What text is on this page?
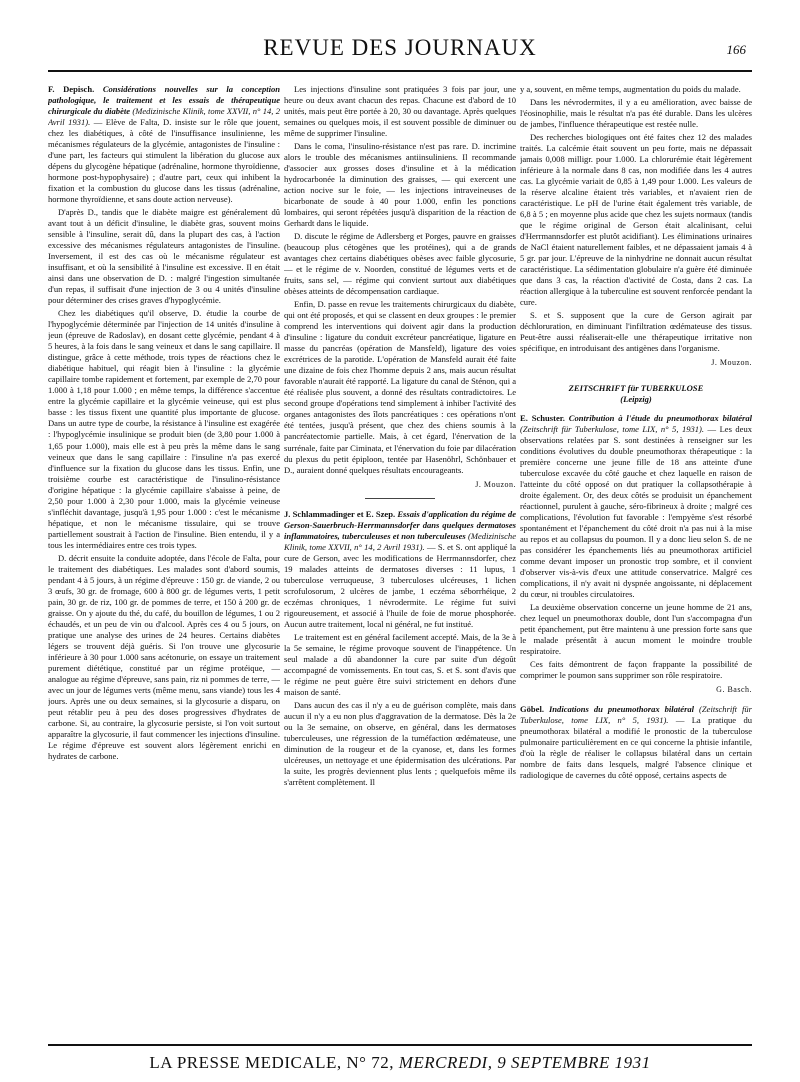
REVUE DES JOURNAUX	166

F. Depisch. Considérations nouvelles sur la conception pathologique, le traitement et les essais de thérapeutique chirurgicale du diabète (Medizinische Klinik, tome XXVII, n° 14, 2 Avril 1931). — Elève de Falta, D. insiste sur le rôle que jouent, chez les diabétiques, à côté de l'insuffisance insulinienne, les mécanismes régulateurs de la glycémie, antagonistes de l'insuline : d'une part, les facteurs qui stimulent la libération du glucose aux dépens du glycogène hépatique (adrénaline, hormone thyroïdienne, hormone post-hypophysaire) ; d'autre part, ceux qui inhibent la fixation et la combustion du glucose dans les tissus (adrénaline, hormone thyroïdienne, et sans doute action nerveuse).

D'après D., tandis que le diabète maigre est généralement dû avant tout à un déficit d'insuline, le diabète gras, souvent moins sensible à l'insuline, serait dû, dans la plupart des cas, à l'action excessive des mécanismes régulateurs antagonistes de l'insuline. Inversement, il est des cas où le mécanisme régulateur est insuffisant, et où la sensibilité à l'insuline est excessive. Il en était ainsi dans une observation de D. : malgré l'ingestion simultanée d'un repas, il suffisait d'une injection de 3 ou 4 unités d'insuline pour déterminer des crises graves d'hypoglycémie.

Chez les diabétiques qu'il observe, D. étudie la courbe de l'hypoglycémie déterminée par l'injection de 14 unités d'insuline à jeun (épreuve de Radoslav), en dosant cette glycémie, pendant 4 à 5 heures, à la fois dans le sang veineux et dans le sang capillaire. Il distingue, grâce à cette méthode, trois types de réactions chez le diabétique habituel, qui réagit bien à l'insuline : la glycémie capillaire tombe rapidement et fortement, par exemple de 2,70 pour 1.000 à 1,18 pour 1.000 ; en même temps, la différence s'accentue entre la glycémie capillaire et la glycémie veineuse, qui est plus basse : les tissus fixent une quantité plus importante de glucose. Dans un autre type de courbe, la résistance à l'insuline est exagérée : l'hypoglycémie insulinique se produit bien (de 3,80 pour 1.000 à 1,65 pour 1.000), mais elle est à peu près la même dans le sang veineux que dans le sang capillaire : l'insuline n'a pas exercé d'influence sur la fixation du glucose dans les tissus. Enfin, une troisième courbe est caractéristique de l'insulino-résistance d'origine hépatique : la glycémie capillaire s'abaisse à peine, de 2,50 pour 1.000 à 2,30 pour 1.000, mais la glycémie veineuse s'infléchit davantage, jusqu'à 1,95 pour 1.000 : c'est le mécanisme hépatique, et non le mécanisme tissulaire, qui se trouve partiellement soustrait à l'action de l'insuline. Bien entendu, il y a tous les intermédiaires entre ces trois types.

D. décrit ensuite la conduite adoptée, dans l'école de Falta, pour le traitement des diabétiques. Les malades sont d'abord soumis, pendant 4 à 5 jours, à un régime d'épreuve : 150 gr. de viande, 2 ou 3 œufs, 30 gr. de fromage, 600 à 800 gr. de légumes verts, 1 petit pain, 30 gr. de riz, 100 gr. de pommes de terre, et 150 à 200 gr. de graisse. On y ajoute du thé, du café, du bouillon de légumes, 1 ou 2 échaudés, et un peu de vin ou d'alcool. Après ces 4 ou 5 jours, on pratique une analyse des urines de 24 heures. Certains diabètes légers se trouvent déjà guéris. Si l'on trouve une glycosurie inférieure à 30 pour 1.000 sans acétonurie, on essaye un traitement purement diététique, constitué par un régime protéique, — analogue au régime d'épreuve, sans pain, riz ni pommes de terre, — avec un jour de légumes verts (même menu, sans viande) tous les 4 jours. Après une ou deux semaines, si la glycosurie a disparu, on peut rétablir peu à peu des doses progressives d'hydrates de carbone. Si, au contraire, la glycosurie persiste, si l'on voit surtout apparaître la glycosurie, il faut commencer les injections d'insuline. Le régime d'épreuve est souvent alors légèrement enrichi en hydrates de carbone.

Les injections d'insuline sont pratiquées 3 fois par jour, une heure ou deux avant chacun des repas. Chacune est d'abord de 10 unités, mais peut être portée à 20, 30 ou davantage. Après quelques semaines ou quelques mois, il est souvent possible de diminuer ou même de supprimer l'insuline.

Dans le coma, l'insulino-résistance n'est pas rare. D. incrimine alors le trouble des mécanismes antiinsuliniens. Il recommande d'associer aux grosses doses d'insuline et à la médication hydrocarbonée la diminution des graisses, — qui exercent une action nocive sur le foie, — les injections intraveineuses de bicarbonate de soude à 40 pour 1.000, enfin les ponctions lombaires, qui seront répétées jusqu'à disparition de la réaction de Gerhardt dans le liquide.

D. discute le régime de Adlersberg et Porges, pauvre en graisses (beaucoup plus cétogènes que les protéines), qui a de grands avantages chez certains diabétiques obèses avec faible glycosurie, — et le régime de v. Noorden, constitué de légumes verts et de fruits, sans sel, — régime qui convient surtout aux diabétiques obèses atteints de décompensation cardiaque.

Enfin, D. passe en revue les traitements chirurgicaux du diabète, qui ont été proposés, et qui se classent en deux groupes : le premier comprend les interventions qui doivent agir dans la production d'insuline : ligature du conduit excréteur pancréatique, ligature en masse du pancréas (opération de Mansfeld), ligature des voies excrétrices de la parotide. L'opération de Mansfeld aurait été faite une dizaine de fois chez l'homme depuis 2 ans, mais aucun résultat favorable n'aurait été rapporté. La ligature du canal de Sténon, qui a été réalisée plus souvent, a donné des résultats contradictoires. Le second groupe d'opérations tend simplement à inhiber l'activité des organes antagonistes des îlots pancréatiques : ces opérations n'ont été tentées, jusqu'à présent, que chez des chiens soumis à la pancréatectomie partielle. Mais, à cet égard, l'énervation de la surrénale, faite par Ciminata, et l'énervation du foie par dilacération du plexus du petit épiploon, tentée par Hasenöhrl, Schönbauer et D., auraient donné quelques résultats encourageants.

J. Mouzon.

J. Schlammadinger et E. Szep. Essais d'application du régime de Gerson-Sauerbruch-Herrmannsdorfer dans quelques dermatoses inflammatoires, tuberculeuses et non tuberculeuses (Medizinische Klinik, tome XXVII, n° 14, 2 Avril 1931). — S. et S. ont appliqué la cure de Gerson, avec les modifications de Herrmannsdorfer, chez 19 malades atteints de dermatoses diverses : 11 lupus, 1 tuberculose verruqueuse, 3 tuberculoses ulcéreuses, 1 lichen scrofulosorum, 2 ulcères de jambe, 1 eczéma séborrhéique, 2 eczémas chroniques, 1 névrodermite. Le régime fut suivi rigoureusement, et associé à l'huile de foie de morue phosphorée. Aucun autre traitement, local ni général, ne fut institué.

Le traitement est en général facilement accepté. Mais, de la 3e à la 5e semaine, le régime provoque souvent de l'inappétence. Un seul malade a dû abandonner la cure par suite d'un dégoût accompagné de vomissements. En tout cas, S. et S. sont d'avis que le régime ne peut guère être suivi strictement en dehors d'une maison de santé.

Dans aucun des cas il n'y a eu de guérison complète, mais dans aucun il n'y a eu non plus d'aggravation de la dermatose. Dès la 2e ou la 3e semaine, on observe, en général, dans les dermatoses tuberculeuses, une régression de la tuméfaction œdémateuse, une diminution de la rougeur et de la cyanose, et, dans les formes ulcéreuses, un nettoyage et une épidermisation des ulcérations. Par la suite, les progrès deviennent plus lents ; quelquefois même ils s'arrêtent complètement. Il

y a, souvent, en même temps, augmentation du poids du malade.

Dans les névrodermites, il y a eu amélioration, avec baisse de l'éosinophilie, mais le résultat n'a pas été durable. Dans les ulcères de jambes, l'influence thérapeutique est restée nulle.

Des recherches biologiques ont été faites chez 12 des malades traités. La calcémie était souvent un peu forte, mais ne dépassait jamais 0,008 milligr. pour 1.000. La chlorurémie était légèrement inférieure à la normale dans 8 cas, non modifiée dans les 4 autres cas. La glycémie variait de 0,85 à 1,49 pour 1.000. Les valeurs de la réserve alcaline étaient très variables, et n'avaient rien de caractéristique. Le pH de l'urine était également très variable, de 6,8 à 5 ; en moyenne plus acide que chez les sujets normaux (tandis que le régime original de Gerson était alcalinisant, celui d'Herrmannsdorfer est plutôt acidifiant). Les éliminations urinaires de NaCl étaient naturellement faibles, et ne dépassaient jamais 4 à 5 gr. par jour. L'épreuve de la ninhydrine ne donnait aucun résultat caractéristique. La sédimentation globulaire n'a guère été diminuée que dans 3 cas, la réaction d'activité de Costa, dans 2 cas. La réaction allergique à la tuberculine est souvent renforcée pendant la cure.

S. et S. supposent que la cure de Gerson agirait par déchloruration, en diminuant l'infiltration œdémateuse des tissus. Peut-être aussi réaliserait-elle une thérapeutique irritative non spécifique, en introduisant des antigènes dans l'organisme.

J. Mouzon.
ZEITSCHRIFT für TUBERKULOSE
(Leipzig)

E. Schuster. Contribution à l'étude du pneumothorax bilatéral (Zeitschrift für Tuberkulose, tome LIX, n° 5, 1931). — Les deux observations relatées par S. sont destinées à renseigner sur les conditions évolutives du double pneumothorax thérapeutique : la première concerne une jeune fille de 18 ans atteinte d'une tuberculose excavée du côté gauche et chez laquelle en raison de l'atteinte du côté opposé on dut pratiquer la collapsothérapie à droite également. Or, des deux côtés se produisit un épanchement réactionnel, purulent à gauche, séro-fibrineux à droite ; malgré ces complications, l'évolution fut favorable : l'empyème s'est résorbé spontanément et l'épanchement du côté droit n'a pas nui à la mise au repos et au collapsus du poumon. Il y a donc lieu selon S. de ne pas considérer les épanchements liés au pneumothorax artificiel comme devant imposer un pronostic trop sombre, et il convient d'observer vis-à-vis d'eux une attitude conservatrice. Malgré ces complications, il n'y avait ni dyspnée angoissante, ni déplacement du cœur, ni troubles circulatoires.

La deuxième observation concerne un jeune homme de 21 ans, chez lequel un pneumothorax double, dont l'un s'accompagna d'un petit épanchement, put être maintenu à une pression forte sans que le malade présentât à aucun moment le moindre trouble respiratoire.

Ces faits démontrent de façon frappante la possibilité de comprimer le poumon sans supprimer son rôle respiratoire.

G. Basch.

Göbel. Indications du pneumothorax bilatéral (Zeitschrift für Tuberkulose, tome LIX, n° 5, 1931). — La pratique du pneumothorax bilatéral a modifié le pronostic de la tuberculose pulmonaire particulièrement en ce qui concerne la phtisie infantile, d'où la règle de réaliser le collapsus bilatéral dans un certain nombre de faits dans lesquels, malgré l'absence clinique et radiologique de cavernes du côté opposé, certains aspects de

LA PRESSE MEDICALE, N° 72, MERCREDI, 9 SEPTEMBRE 1931
